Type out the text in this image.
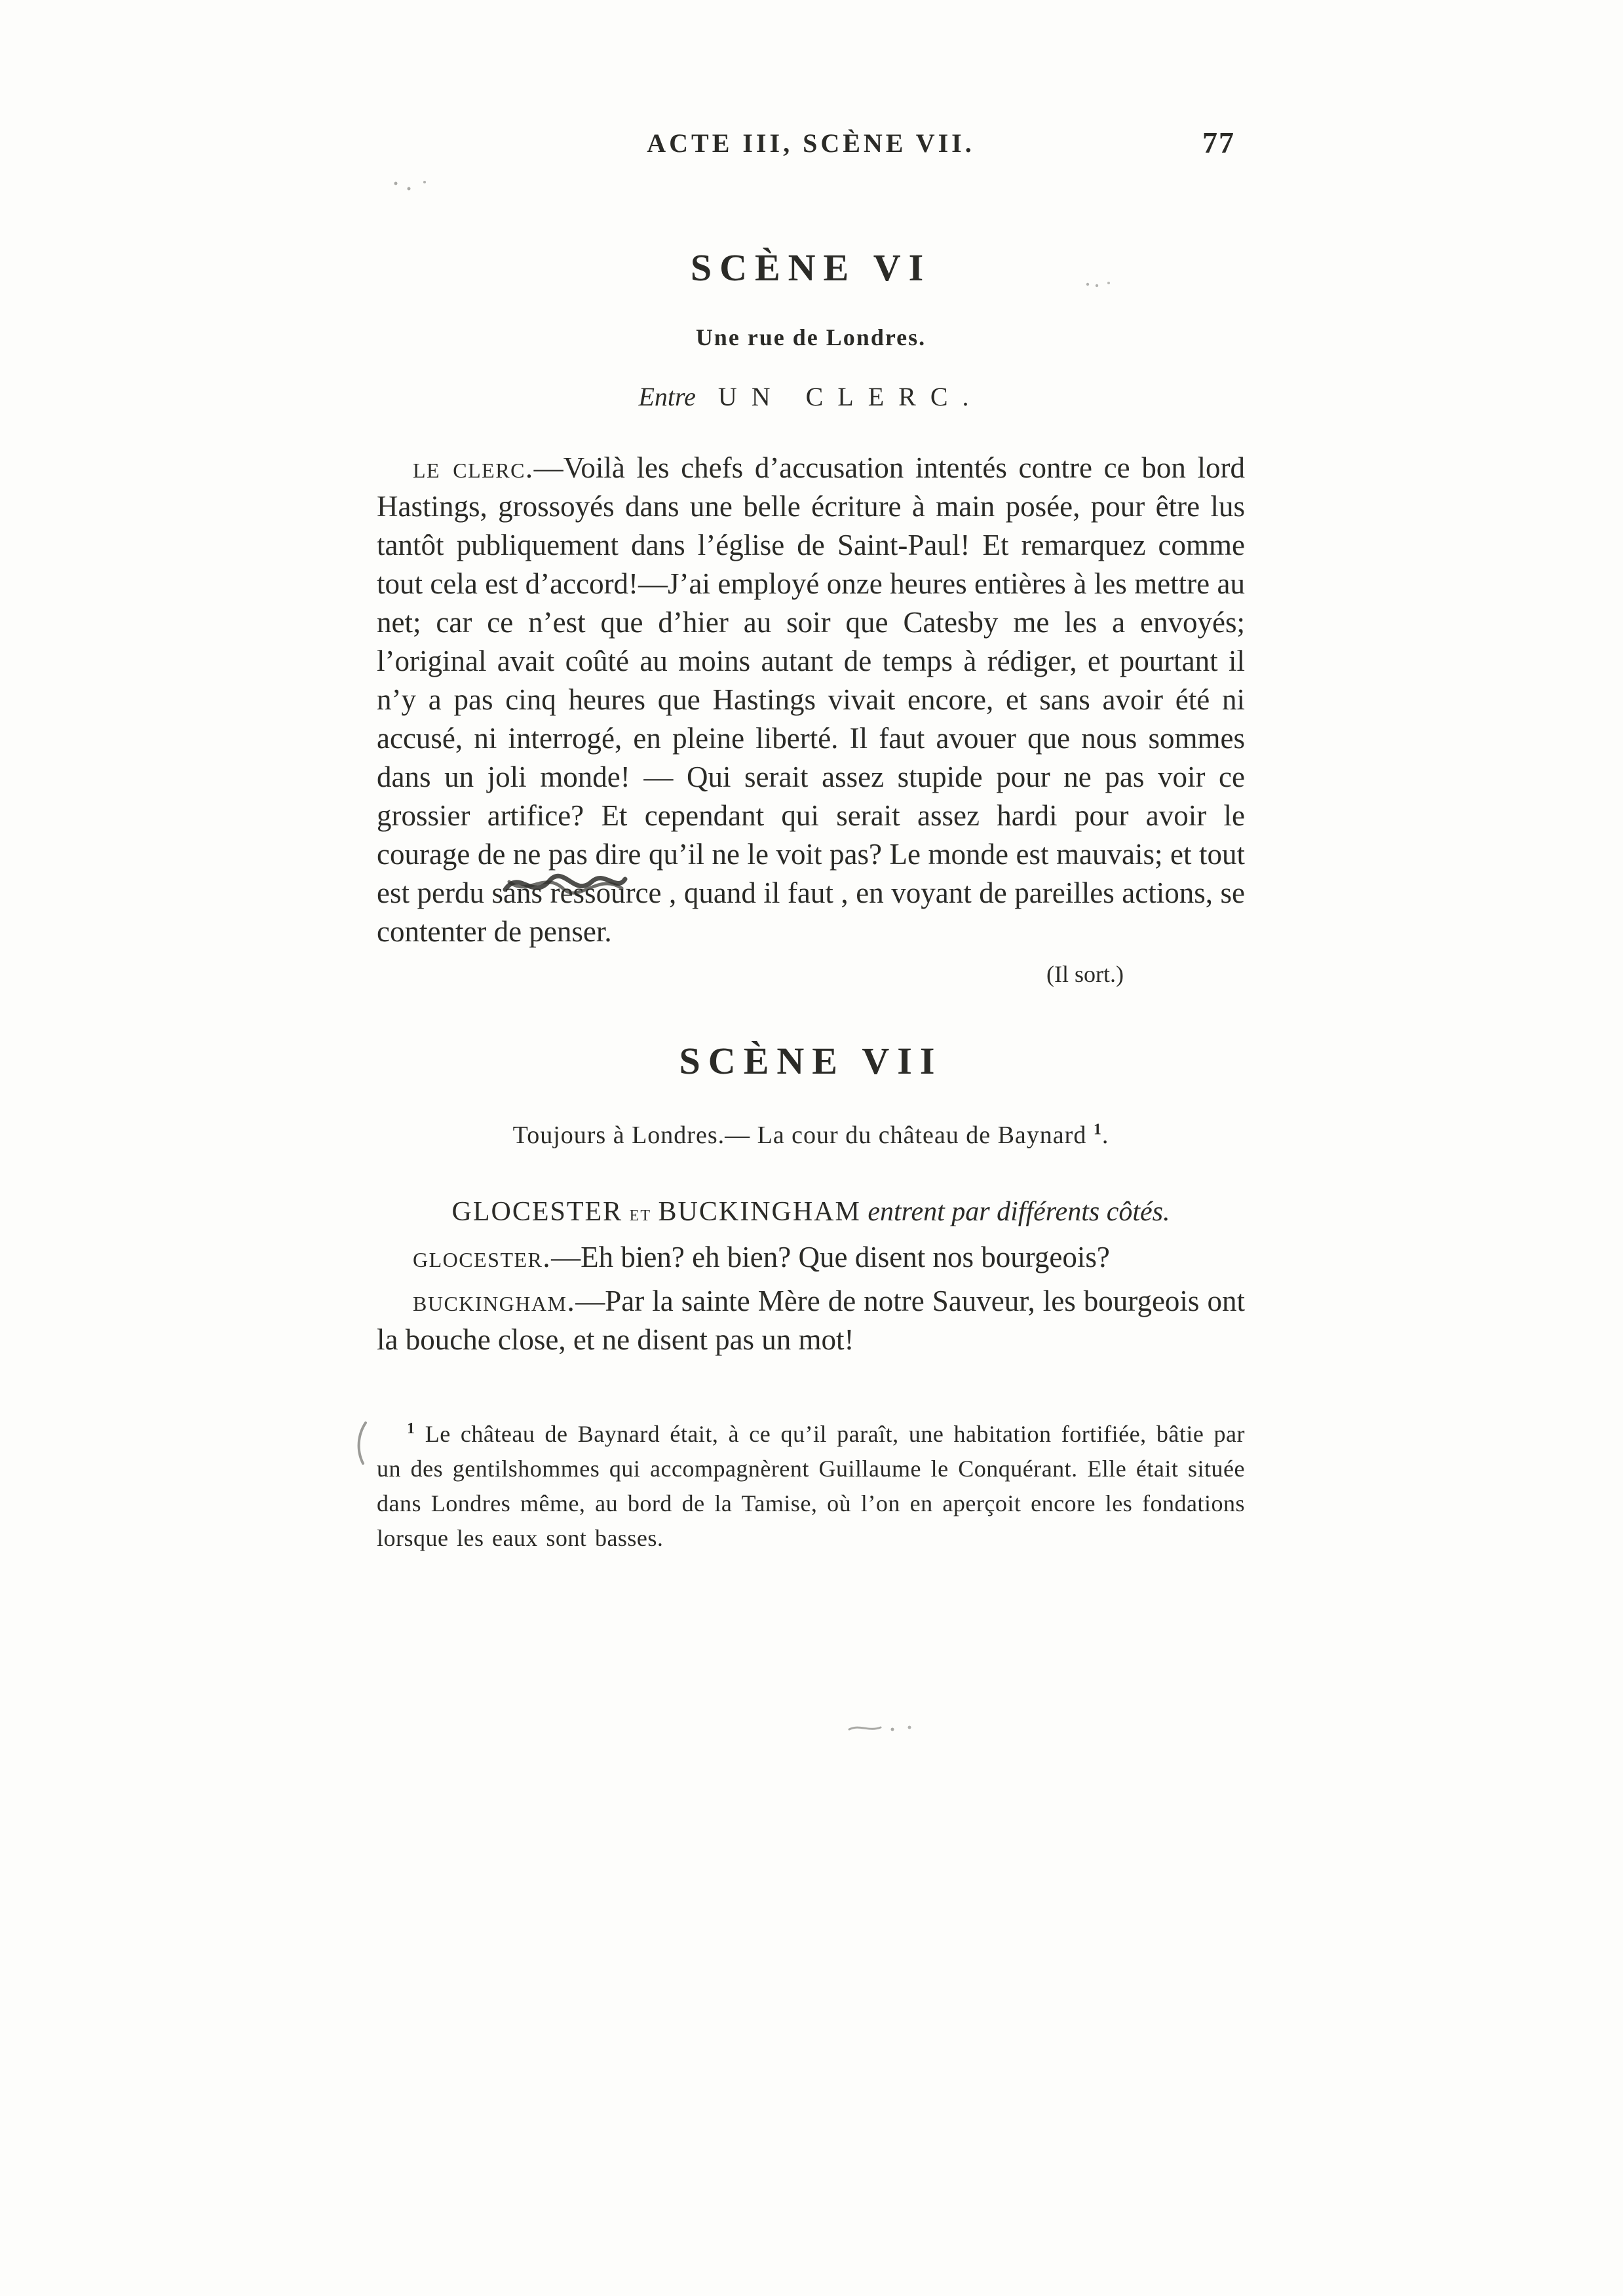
ACTE III, SCÈNE VII.	77
SCÈNE VI

Une rue de Londres.

Entre UN CLERC.

le clerc.—Voilà les chefs d’accusation intentés contre ce bon lord Hastings, grossoyés dans une belle écriture à main posée, pour être lus tantôt publiquement dans l’église de Saint-Paul! Et remarquez comme tout cela est d’accord!—J’ai employé onze heures entières à les mettre au net; car ce n’est que d’hier au soir que Catesby me les a envoyés; l’original avait coûté au moins autant de temps à rédiger, et pourtant il n’y a pas cinq heures que Hastings vivait encore, et sans avoir été ni accusé, ni interrogé, en pleine liberté. Il faut avouer que nous sommes dans un joli monde! — Qui serait assez stupide pour ne pas voir ce grossier artifice? Et cependant qui serait assez hardi pour avoir le courage de ne pas dire qu’il ne le voit pas? Le monde est mauvais; et tout est perdu sans ressource , quand il faut , en voyant de pareilles actions, se contenter de penser.

(Il sort.)

SCÈNE VII

Toujours à Londres.— La cour du château de Baynard $^1$.

GLOCESTER et BUCKINGHAM entrent par différents côtés.

glocester.—Eh bien? eh bien? Que disent nos bourgeois?

buckingham.—Par la sainte Mère de notre Sauveur, les bourgeois ont la bouche close, et ne disent pas un mot!

$^1$ Le château de Baynard était, à ce qu’il paraît, une habitation fortifiée, bâtie par un des gentilshommes qui accompagnèrent Guillaume le Conquérant. Elle était située dans Londres même, au bord de la Tamise, où l’on en aperçoit encore les fondations lorsque les eaux sont basses.
